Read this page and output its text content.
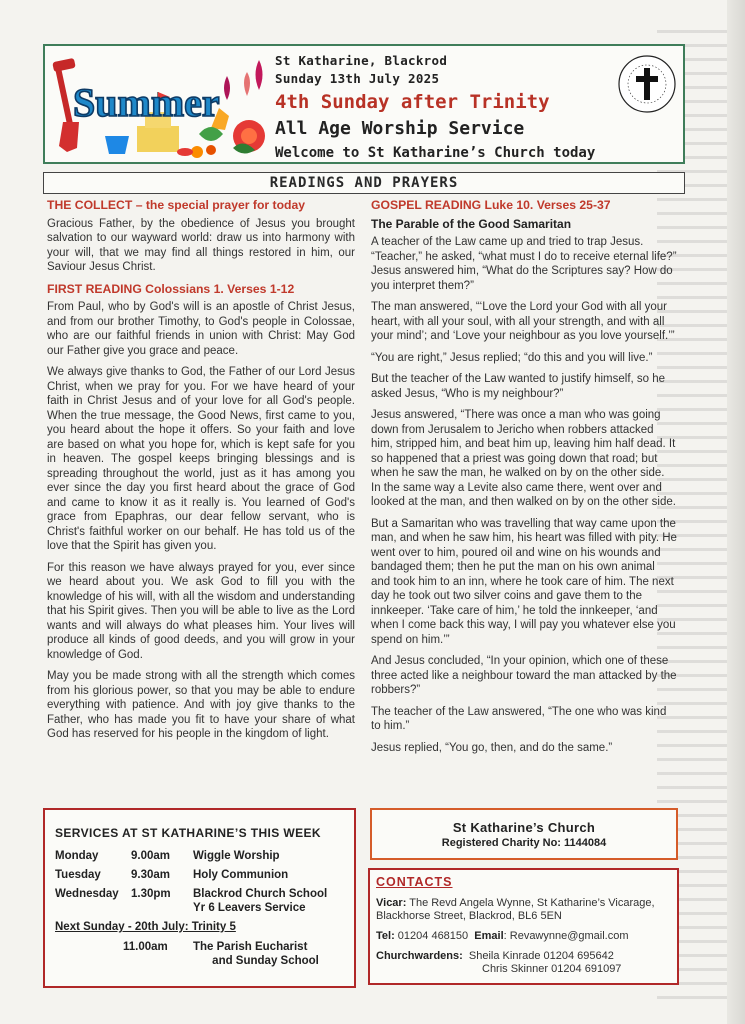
Summer
St Katharine, Blackrod
Sunday 13th July 2025
4th Sunday after Trinity
All Age Worship Service
Welcome to St Katharine’s Church today
READINGS AND PRAYERS
THE COLLECT – the special prayer for today

Gracious Father, by the obedience of Jesus you brought salvation to our wayward world: draw us into harmony with your will, that we may find all things restored in him, our Saviour Jesus Christ.

FIRST READING Colossians 1. Verses 1-12

From Paul, who by God's will is an apostle of Christ Jesus, and from our brother Timothy, to God's people in Colossae, who are our faithful friends in union with Christ: May God our Father give you grace and peace.

We always give thanks to God, the Father of our Lord Jesus Christ, when we pray for you. For we have heard of your faith in Christ Jesus and of your love for all God's people. When the true message, the Good News, first came to you, you heard about the hope it offers. So your faith and love are based on what you hope for, which is kept safe for you in heaven. The gospel keeps bringing blessings and is spreading throughout the world, just as it has among you ever since the day you first heard about the grace of God and came to know it as it really is. You learned of God's grace from Epaphras, our dear fellow servant, who is Christ's faithful worker on our behalf. He has told us of the love that the Spirit has given you.

For this reason we have always prayed for you, ever since we heard about you. We ask God to fill you with the knowledge of his will, with all the wisdom and understanding that his Spirit gives. Then you will be able to live as the Lord wants and will always do what pleases him. Your lives will produce all kinds of good deeds, and you will grow in your knowledge of God.

May you be made strong with all the strength which comes from his glorious power, so that you may be able to endure everything with patience. And with joy give thanks to the Father, who has made you fit to have your share of what God has reserved for his people in the kingdom of light.

GOSPEL READING Luke 10. Verses 25-37
The Parable of the Good Samaritan

A teacher of the Law came up and tried to trap Jesus. “Teacher,” he asked, “what must I do to receive eternal life?” Jesus answered him, “What do the Scriptures say? How do you interpret them?”

The man answered, “‘Love the Lord your God with all your heart, with all your soul, with all your strength, and with all your mind’; and ‘Love your neighbour as you love yourself.’”

“You are right,” Jesus replied; “do this and you will live.”

But the teacher of the Law wanted to justify himself, so he asked Jesus, “Who is my neighbour?”

Jesus answered, “There was once a man who was going down from Jerusalem to Jericho when robbers attacked him, stripped him, and beat him up, leaving him half dead. It so happened that a priest was going down that road; but when he saw the man, he walked on by on the other side. In the same way a Levite also came there, went over and looked at the man, and then walked on by on the other side.

But a Samaritan who was travelling that way came upon the man, and when he saw him, his heart was filled with pity. He went over to him, poured oil and wine on his wounds and bandaged them; then he put the man on his own animal and took him to an inn, where he took care of him. The next day he took out two silver coins and gave them to the innkeeper. ‘Take care of him,’ he told the innkeeper, ‘and when I come back this way, I will pay you whatever else you spend on him.’”

And Jesus concluded, “In your opinion, which one of these three acted like a neighbour toward the man attacked by the robbers?”

The teacher of the Law answered, “The one who was kind to him.”

Jesus replied, “You go, then, and do the same.”

SERVICES AT ST KATHARINE’S THIS WEEK
Monday	9.00am	Wiggle Worship
Tuesday	9.30am	Holy Communion
Wednesday	1.30pm	Blackrod Church School
Yr 6 Leavers Service
Next Sunday - 20th July: Trinity 5
11.00am	The Parish Eucharist
and Sunday School
St Katharine’s Church
Registered Charity No: 1144084
CONTACTS
Vicar: The Revd Angela Wynne, St Katharine’s Vicarage, Blackhorse Street, Blackrod, BL6 5EN
Tel: 01204 468150  Email: Revawynne@gmail.com
Churchwardens:  Sheila Kinrade 01204 695642
Chris Skinner 01204 691097
